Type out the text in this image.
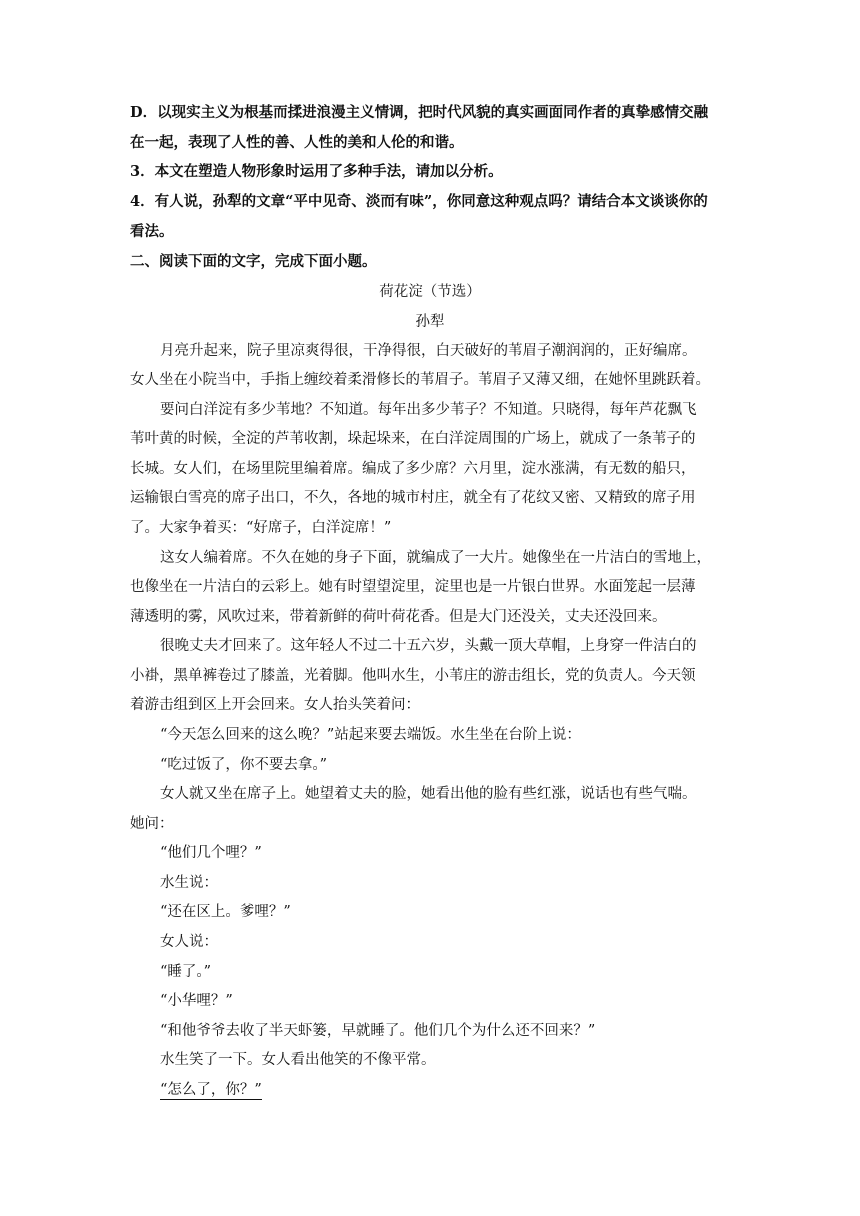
D．以现实主义为根基而揉进浪漫主义情调，把时代风貌的真实画面同作者的真挚感情交融
在一起，表现了人性的善、人性的美和人伦的和谐。
3．本文在塑造人物形象时运用了多种手法，请加以分析。
4．有人说，孙犁的文章“平中见奇、淡而有味”，你同意这种观点吗？请结合本文谈谈你的
看法。
二、阅读下面的文字，完成下面小题。
荷花淀（节选）
孙犁
月亮升起来，院子里凉爽得很，干净得很，白天破好的苇眉子潮润润的，正好编席。
女人坐在小院当中，手指上缠绞着柔滑修长的苇眉子。苇眉子又薄又细，在她怀里跳跃着。
要问白洋淀有多少苇地？不知道。每年出多少苇子？不知道。只晓得，每年芦花飘飞
苇叶黄的时候，全淀的芦苇收割，垛起垛来，在白洋淀周围的广场上，就成了一条苇子的
长城。女人们，在场里院里编着席。编成了多少席？六月里，淀水涨满，有无数的船只，
运输银白雪亮的席子出口，不久，各地的城市村庄，就全有了花纹又密、又精致的席子用
了。大家争着买：“好席子，白洋淀席！”
这女人编着席。不久在她的身子下面，就编成了一大片。她像坐在一片洁白的雪地上，
也像坐在一片洁白的云彩上。她有时望望淀里，淀里也是一片银白世界。水面笼起一层薄
薄透明的雾，风吹过来，带着新鲜的荷叶荷花香。但是大门还没关，丈夫还没回来。
很晚丈夫才回来了。这年轻人不过二十五六岁，头戴一顶大草帽，上身穿一件洁白的
小褂，黑单裤卷过了膝盖，光着脚。他叫水生，小苇庄的游击组长，党的负责人。今天领
着游击组到区上开会回来。女人抬头笑着问：
“今天怎么回来的这么晚？”站起来要去端饭。水生坐在台阶上说：
“吃过饭了，你不要去拿。”
女人就又坐在席子上。她望着丈夫的脸，她看出他的脸有些红涨，说话也有些气喘。
她问：
“他们几个哩？”
水生说：
“还在区上。爹哩？”
女人说：
“睡了。”
“小华哩？”
“和他爷爷去收了半天虾篓，早就睡了。他们几个为什么还不回来？”
水生笑了一下。女人看出他笑的不像平常。
“怎么了，你？”
